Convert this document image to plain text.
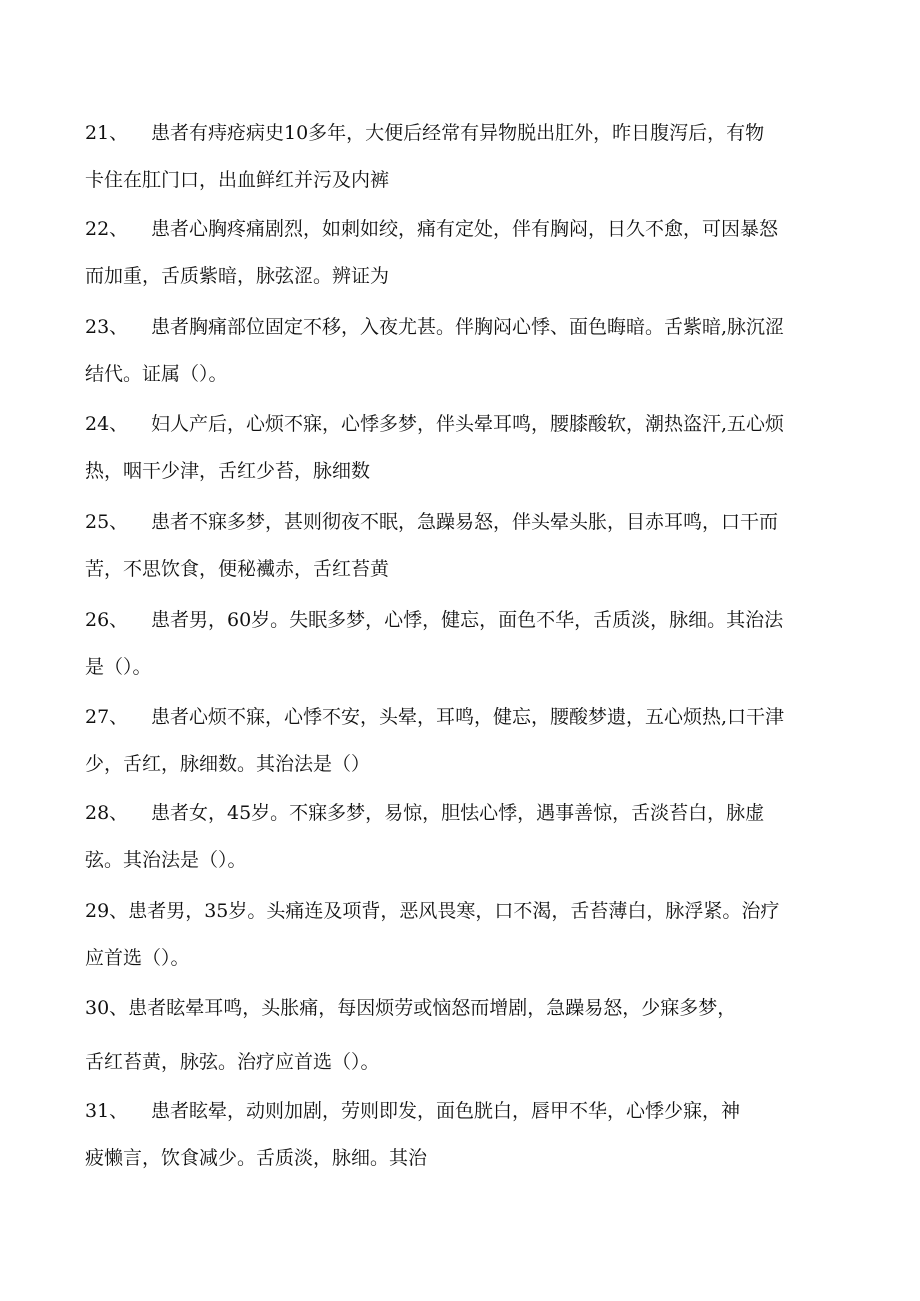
21、 患者有痔疮病史10多年，大便后经常有异物脱出肛外，昨日腹泻后，有物
卡住在肛门口，出血鲜红并污及内裤
22、 患者心胸疼痛剧烈，如刺如绞，痛有定处，伴有胸闷，日久不愈，可因暴怒
而加重，舌质紫暗，脉弦涩。辨证为
23、 患者胸痛部位固定不移，入夜尤甚。伴胸闷心悸、面色晦暗。舌紫暗,脉沉涩
结代。证属（）。
24、 妇人产后，心烦不寐，心悸多梦，伴头晕耳鸣，腰膝酸软，潮热盗汗,五心烦
热，咽干少津，舌红少苔，脉细数
25、 患者不寐多梦，甚则彻夜不眠，急躁易怒，伴头晕头胀，目赤耳鸣，口干而
苦，不思饮食，便秘襶赤，舌红苔黄
26、 患者男，60岁。失眠多梦，心悸，健忘，面色不华，舌质淡，脉细。其治法
是（）。
27、 患者心烦不寐，心悸不安，头晕，耳鸣，健忘，腰酸梦遗，五心烦热,口干津
少，舌红，脉细数。其治法是（）
28、 患者女，45岁。不寐多梦，易惊，胆怯心悸，遇事善惊，舌淡苔白，脉虚
弦。其治法是（）。
29、患者男，35岁。头痛连及项背，恶风畏寒，口不渴，舌苔薄白，脉浮紧。治疗
应首选（）。
30、患者眩晕耳鸣，头胀痛，每因烦劳或恼怒而增剧，急躁易怒，少寐多梦，
舌红苔黄，脉弦。治疗应首选（）。
31、 患者眩晕，动则加剧，劳则即发，面色胱白，唇甲不华，心悸少寐，神
疲懒言，饮食减少。舌质淡，脉细。其治
